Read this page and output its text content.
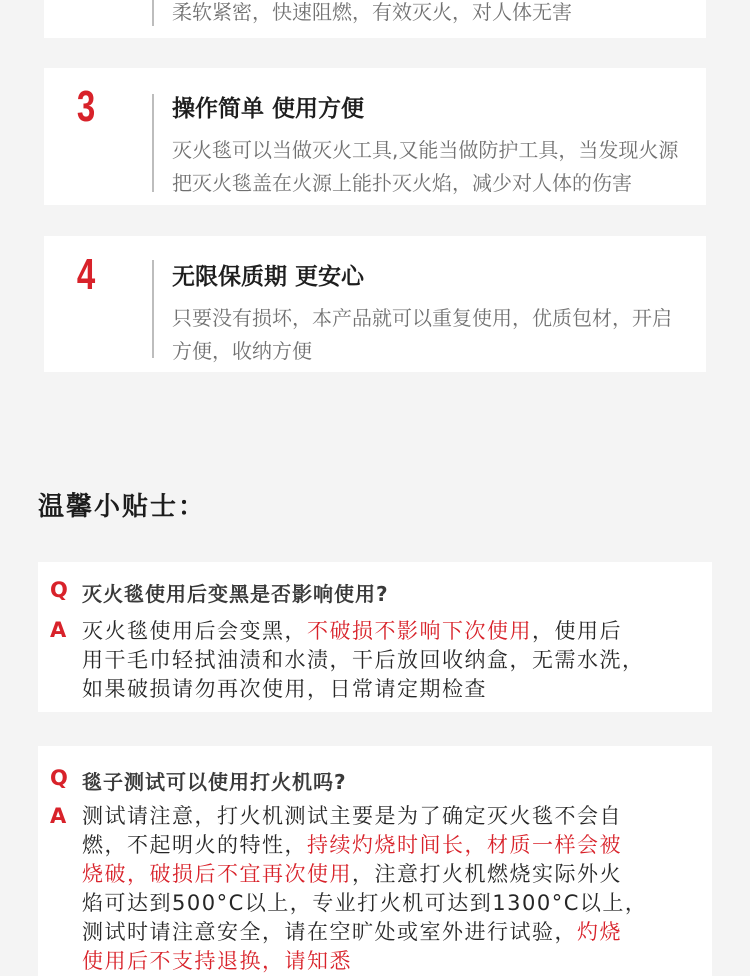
柔软紧密，快速阻燃，有效灭火，对人体无害
3	操作简单 使用方便
灭火毯可以当做灭火工具,又能当做防护工具，当发现火源
把灭火毯盖在火源上能扑灭火焰，减少对人体的伤害
4	无限保质期 更安心
只要没有损坏，本产品就可以重复使用，优质包材，开启
方便，收纳方便
温馨小贴士：
Q 灭火毯使用后变黑是否影响使用?
A 灭火毯使用后会变黑，不破损不影响下次使用，使用后
用干毛巾轻拭油渍和水渍，干后放回收纳盒，无需水洗，
如果破损请勿再次使用，日常请定期检查
Q 毯子测试可以使用打火机吗?
A 测试请注意，打火机测试主要是为了确定灭火毯不会自
燃，不起明火的特性，持续灼烧时间长，材质一样会被
烧破，破损后不宜再次使用，注意打火机燃烧实际外火
焰可达到500°C以上，专业打火机可达到1300°C以上，
测试时请注意安全，请在空旷处或室外进行试验，灼烧
使用后不支持退换，请知悉
